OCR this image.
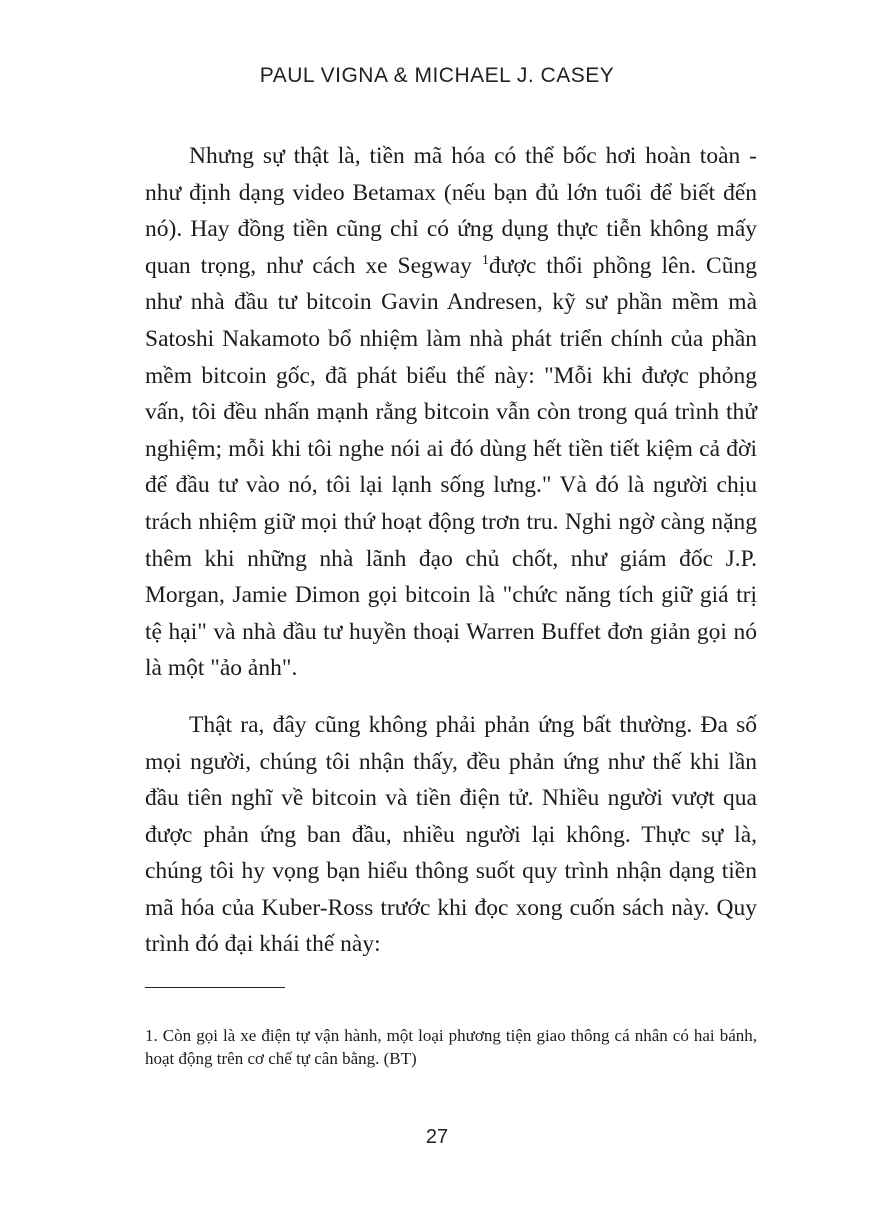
PAUL VIGNA & MICHAEL J. CASEY

Nhưng sự thật là, tiền mã hóa có thể bốc hơi hoàn toàn - như định dạng video Betamax (nếu bạn đủ lớn tuổi để biết đến nó). Hay đồng tiền cũng chỉ có ứng dụng thực tiễn không mấy quan trọng, như cách xe Segway $^1$được thổi phồng lên. Cũng như nhà đầu tư bitcoin Gavin Andresen, kỹ sư phần mềm mà Satoshi Nakamoto bổ nhiệm làm nhà phát triển chính của phần mềm bitcoin gốc, đã phát biểu thế này: "Mỗi khi được phỏng vấn, tôi đều nhấn mạnh rằng bitcoin vẫn còn trong quá trình thử nghiệm; mỗi khi tôi nghe nói ai đó dùng hết tiền tiết kiệm cả đời để đầu tư vào nó, tôi lại lạnh sống lưng." Và đó là người chịu trách nhiệm giữ mọi thứ hoạt động trơn tru. Nghi ngờ càng nặng thêm khi những nhà lãnh đạo chủ chốt, như giám đốc J.P. Morgan, Jamie Dimon gọi bitcoin là "chức năng tích giữ giá trị tệ hại" và nhà đầu tư huyền thoại Warren Buffet đơn giản gọi nó là một "ảo ảnh".

Thật ra, đây cũng không phải phản ứng bất thường. Đa số mọi người, chúng tôi nhận thấy, đều phản ứng như thế khi lần đầu tiên nghĩ về bitcoin và tiền điện tử. Nhiều người vượt qua được phản ứng ban đầu, nhiều người lại không. Thực sự là, chúng tôi hy vọng bạn hiểu thông suốt quy trình nhận dạng tiền mã hóa của Kuber-Ross trước khi đọc xong cuốn sách này. Quy trình đó đại khái thế này:

1. Còn gọi là xe điện tự vận hành, một loại phương tiện giao thông cá nhân có hai bánh, hoạt động trên cơ chế tự cân bằng. (BT)
27
